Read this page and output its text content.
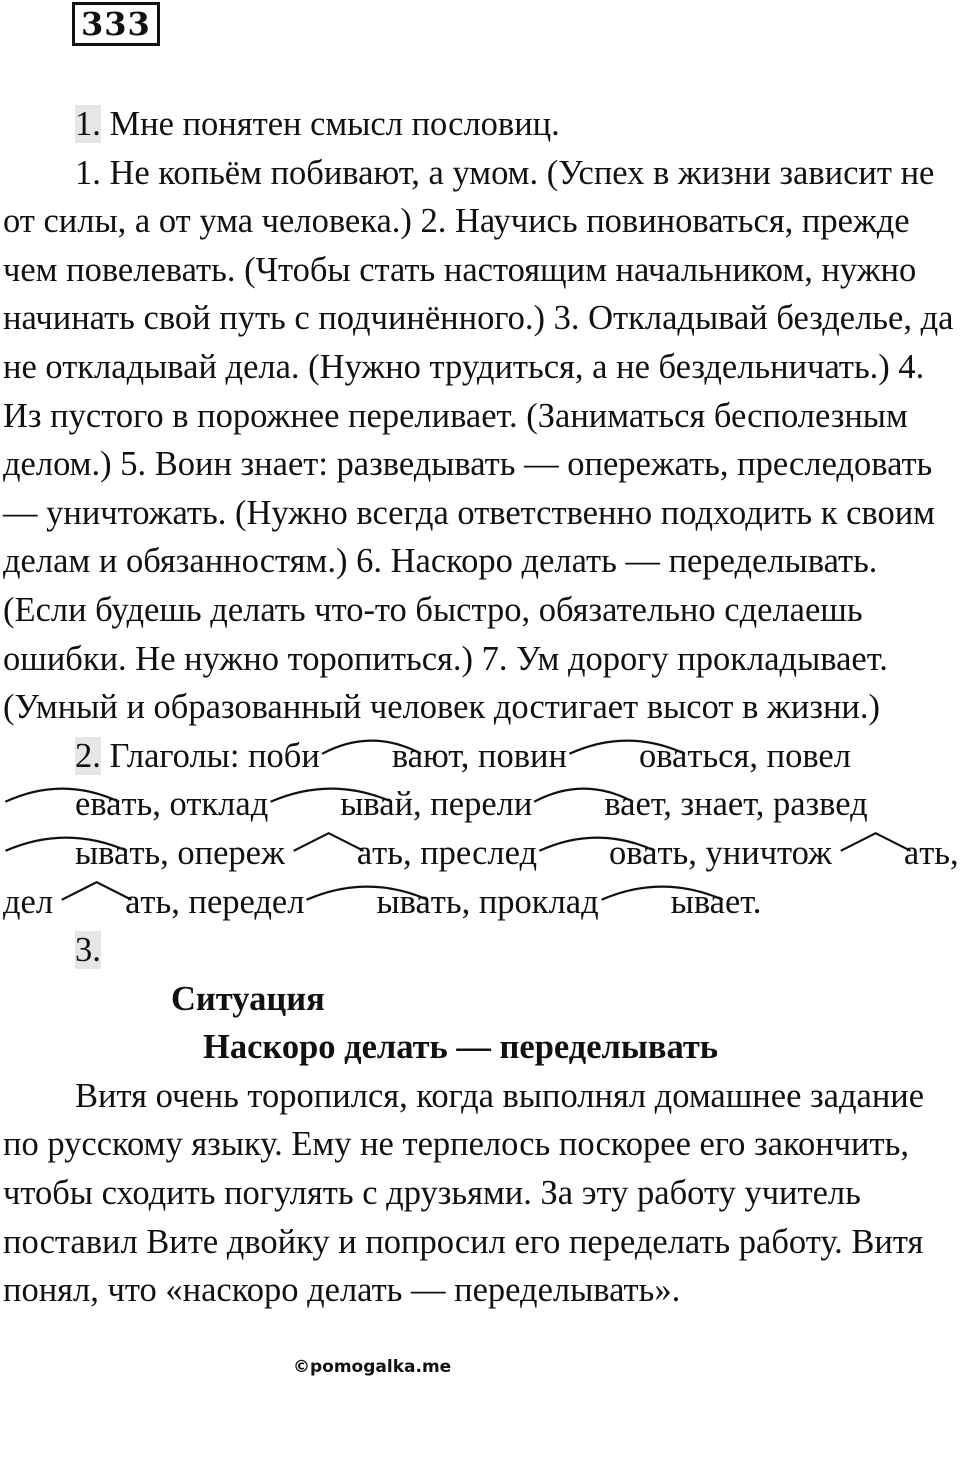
333

1. Мне понятен смысл пословиц.

1. Не копьём побивают, а умом. (Успех в жизни зависит не от силы, а от ума человека.) 2. Научись повиноваться, прежде чем повелевать. (Чтобы стать настоящим начальником, нужно начинать свой путь с подчинённого.) 3. Откладывай безделье, да не откладывай дела. (Нужно трудиться, а не бездельничать.) 4. Из пустого в порожнее переливает. (Заниматься бесполезным делом.) 5. Воин знает: разведывать — опережать, преследовать — уничтожать. (Нужно всегда ответственно подходить к своим делам и обязанностям.) 6. Наскоро делать — переделывать. (Если будешь делать что-то быстро, обязательно сделаешь ошибки. Не нужно торопиться.) 7. Ум дорогу прокладывает. (Умный и образованный человек достигает высот в жизни.)

2. Глаголы: поби ва
ют, повин ова
ться, повелева
ть, отклад ыва
й, перели ва
ет, знает, разведыва
ть, опереж а
ть, преслед ова
ть, уничтож а
ть, дел а
ть, передел ыва
ть, проклад ыва
ет.

3.

Ситуация

Наскоро делать — переделывать

Витя очень торопился, когда выполнял домашнее задание по русскому языку. Ему не терпелось поскорее его закончить, чтобы сходить погулять с друзьями. За эту работу учитель поставил Вите двойку и попросил его переделать работу. Витя понял, что «наскоро делать — переделывать».

©pomogalka.me
